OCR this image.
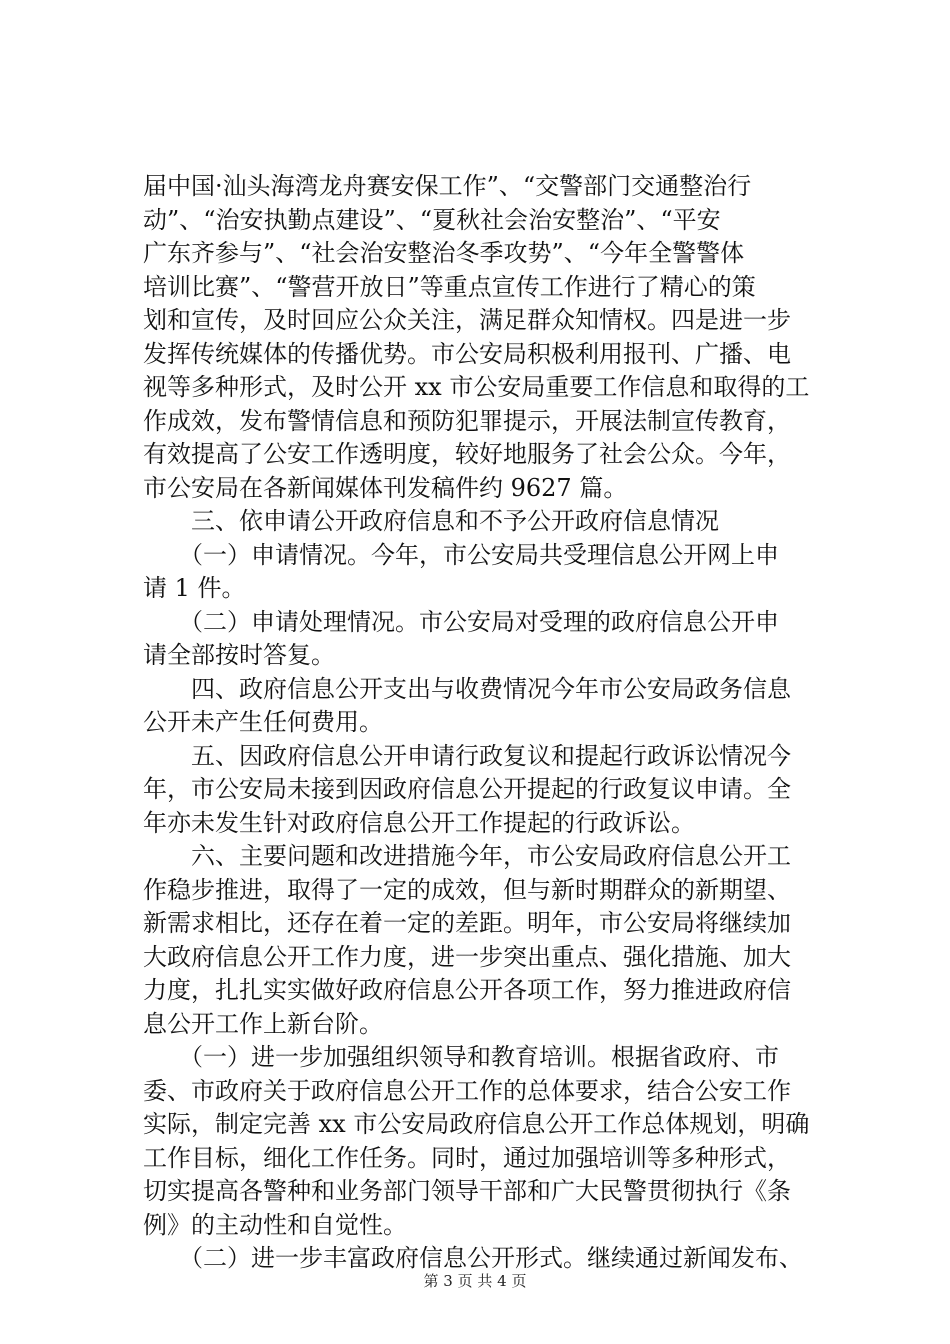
届中国·汕头海湾龙舟赛安保工作”、“交警部门交通整治行
动”、“治安执勤点建设”、“夏秋社会治安整治”、“平安
广东齐参与”、“社会治安整治冬季攻势”、“今年全警警体
培训比赛”、“警营开放日”等重点宣传工作进行了精心的策
划和宣传，及时回应公众关注，满足群众知情权。四是进一步
发挥传统媒体的传播优势。市公安局积极利用报刊、广播、电
视等多种形式，及时公开 xx 市公安局重要工作信息和取得的工
作成效，发布警情信息和预防犯罪提示，开展法制宣传教育，
有效提高了公安工作透明度，较好地服务了社会公众。今年，
市公安局在各新闻媒体刊发稿件约 9627 篇。
　　三、依申请公开政府信息和不予公开政府信息情况
　　（一）申请情况。今年，市公安局共受理信息公开网上申
请 1 件。
　　（二）申请处理情况。市公安局对受理的政府信息公开申
请全部按时答复。
　　四、政府信息公开支出与收费情况今年市公安局政务信息
公开未产生任何费用。
　　五、因政府信息公开申请行政复议和提起行政诉讼情况今
年，市公安局未接到因政府信息公开提起的行政复议申请。全
年亦未发生针对政府信息公开工作提起的行政诉讼。
　　六、主要问题和改进措施今年，市公安局政府信息公开工
作稳步推进，取得了一定的成效，但与新时期群众的新期望、
新需求相比，还存在着一定的差距。明年，市公安局将继续加
大政府信息公开工作力度，进一步突出重点、强化措施、加大
力度，扎扎实实做好政府信息公开各项工作，努力推进政府信
息公开工作上新台阶。
　　（一）进一步加强组织领导和教育培训。根据省政府、市
委、市政府关于政府信息公开工作的总体要求，结合公安工作
实际，制定完善 xx 市公安局政府信息公开工作总体规划，明确
工作目标，细化工作任务。同时，通过加强培训等多种形式，
切实提高各警种和业务部门领导干部和广大民警贯彻执行《条
例》的主动性和自觉性。
　　（二）进一步丰富政府信息公开形式。继续通过新闻发布、
第 3 页 共 4 页
